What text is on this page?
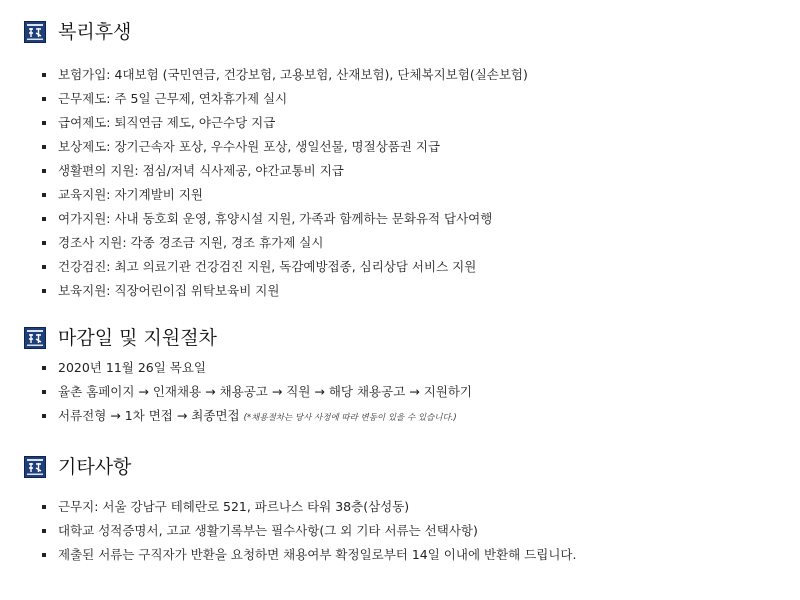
복리후생
보험가입: 4대보험 (국민연금, 건강보험, 고용보험, 산재보험), 단체복지보험(실손보험)
근무제도: 주 5일 근무제, 연차휴가제 실시
급여제도: 퇴직연금 제도, 야근수당 지급
보상제도: 장기근속자 포상, 우수사원 포상, 생일선물, 명절상품권 지급
생활편의 지원: 점심/저녁 식사제공, 야간교통비 지급
교육지원: 자기계발비 지원
여가지원: 사내 동호회 운영, 휴양시설 지원, 가족과 함께하는 문화유적 답사여행
경조사 지원: 각종 경조금 지원, 경조 휴가제 실시
건강검진: 최고 의료기관 건강검진 지원, 독감예방접종, 심리상담 서비스 지원
보육지원: 직장어린이집 위탁보육비 지원
마감일 및 지원절차
2020년 11월 26일 목요일
율촌 홈페이지 → 인재채용 → 채용공고 → 직원 → 해당 채용공고 → 지원하기
서류전형 → 1차 면접 → 최종면접 (*채용절차는 당사 사정에 따라 변동이 있을 수 있습니다.)
기타사항
근무지: 서울 강남구 테헤란로 521, 파르나스 타워 38층(삼성동)
대학교 성적증명서, 고교 생활기록부는 필수사항(그 외 기타 서류는 선택사항)
제출된 서류는 구직자가 반환을 요청하면 채용여부 확정일로부터 14일 이내에 반환해 드립니다.
